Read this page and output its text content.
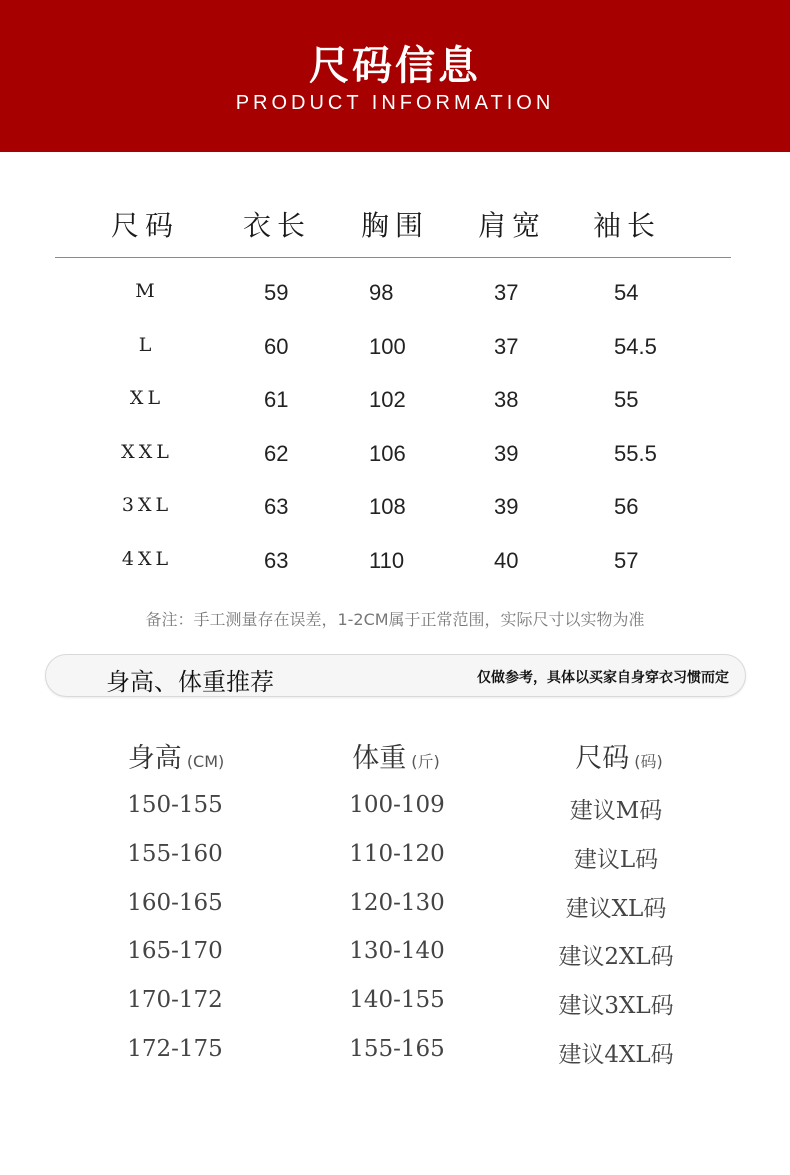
尺码信息
PRODUCT INFORMATION
尺码 衣长 胸围 肩宽 袖长
M	59	98	37	54
L	60	100	37	54.5
XL	61	102	38	55
XXL	62	106	39	55.5
3XL	63	108	39	56
4XL	63	110	40	57
备注：手工测量存在误差，1-2CM属于正常范围，实际尺寸以实物为准
身高、体重推荐	仅做参考，具体以买家自身穿衣习惯而定
身高 (CM)	体重 (斤)	尺码 (码)
150-155	100-109	建议M码
155-160	110-120	建议L码
160-165	120-130	建议XL码
165-170	130-140	建议2XL码
170-172	140-155	建议3XL码
172-175	155-165	建议4XL码
